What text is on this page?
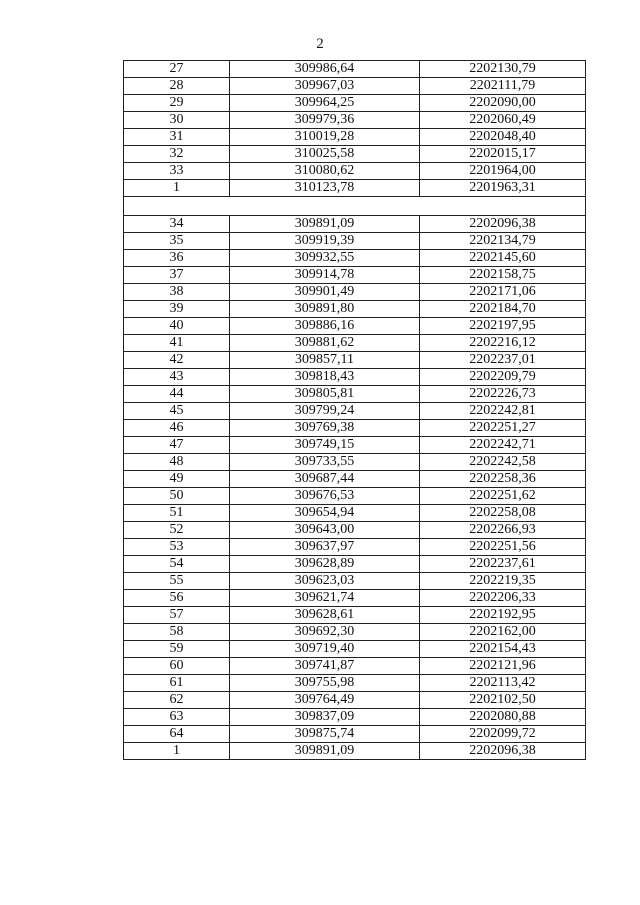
2
27	309986,64	2202130,79
28	309967,03	2202111,79
29	309964,25	2202090,00
30	309979,36	2202060,49
31	310019,28	2202048,40
32	310025,58	2202015,17
33	310080,62	2201964,00
1	310123,78	2201963,31

34	309891,09	2202096,38
35	309919,39	2202134,79
36	309932,55	2202145,60
37	309914,78	2202158,75
38	309901,49	2202171,06
39	309891,80	2202184,70
40	309886,16	2202197,95
41	309881,62	2202216,12
42	309857,11	2202237,01
43	309818,43	2202209,79
44	309805,81	2202226,73
45	309799,24	2202242,81
46	309769,38	2202251,27
47	309749,15	2202242,71
48	309733,55	2202242,58
49	309687,44	2202258,36
50	309676,53	2202251,62
51	309654,94	2202258,08
52	309643,00	2202266,93
53	309637,97	2202251,56
54	309628,89	2202237,61
55	309623,03	2202219,35
56	309621,74	2202206,33
57	309628,61	2202192,95
58	309692,30	2202162,00
59	309719,40	2202154,43
60	309741,87	2202121,96
61	309755,98	2202113,42
62	309764,49	2202102,50
63	309837,09	2202080,88
64	309875,74	2202099,72
1	309891,09	2202096,38
